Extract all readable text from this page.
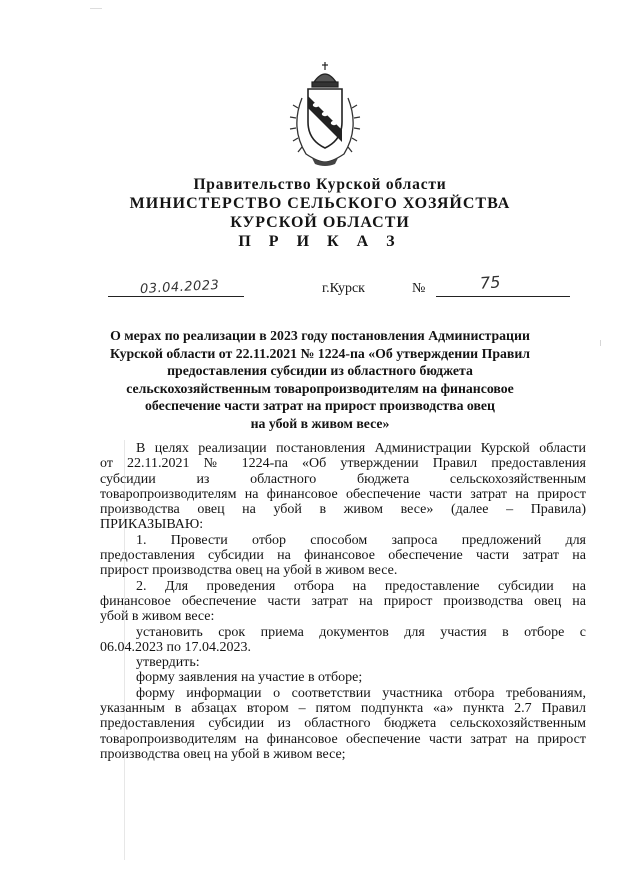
Правительство Курской области
МИНИСТЕРСТВО СЕЛЬСКОГО ХОЗЯЙСТВА
КУРСКОЙ ОБЛАСТИ
П Р И К А З
03.04.2023	г.Курск	№	75
О мерах по реализации в 2023 году постановления Администрации
Курской области от 22.11.2021 № 1224-па «Об утверждении Правил
предоставления субсидии из областного бюджета
сельскохозяйственным товаропроизводителям на финансовое
обеспечение части затрат на прирост производства овец
на убой в живом весе»
В целях реализации постановления Администрации Курской области
от 22.11.2021 № 1224-па «Об утверждении Правил предоставления
субсидии из областного бюджета сельскохозяйственным
товаропроизводителям на финансовое обеспечение части затрат на прирост
производства овец на убой в живом весе» (далее – Правила)
ПРИКАЗЫВАЮ:
1. Провести отбор способом запроса предложений для
предоставления субсидии на финансовое обеспечение части затрат на
прирост производства овец на убой в живом весе.
2. Для проведения отбора на предоставление субсидии на
финансовое обеспечение части затрат на прирост производства овец на
убой в живом весе:
установить срок приема документов для участия в отборе с
06.04.2023 по 17.04.2023.
утвердить:
форму заявления на участие в отборе;
форму информации о соответствии участника отбора требованиям,
указанным в абзацах втором – пятом подпункта «а» пункта 2.7 Правил
предоставления субсидии из областного бюджета сельскохозяйственным
товаропроизводителям на финансовое обеспечение части затрат на прирост
производства овец на убой в живом весе;
